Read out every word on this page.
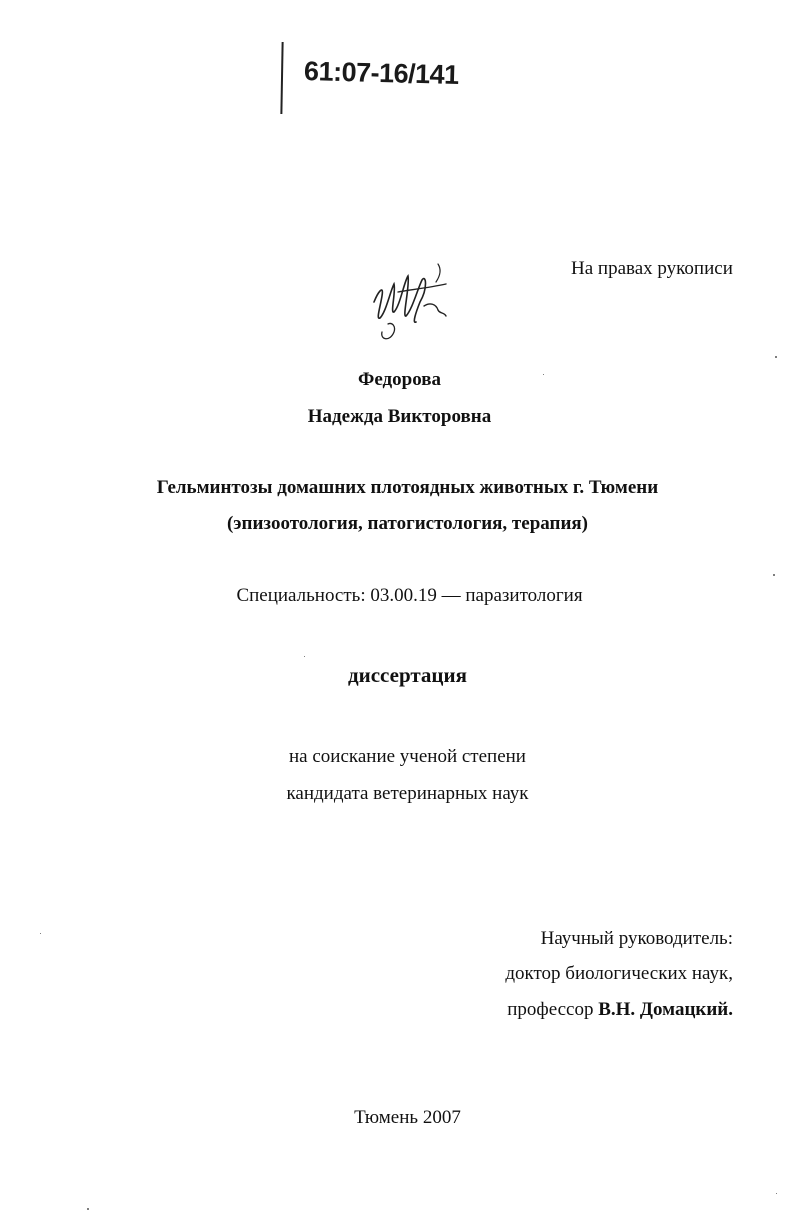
61:07-16/141
На правах рукописи
Федорова
Надежда Викторовна
Гельминтозы домашних плотоядных животных г. Тюмени
(эпизоотология, патогистология, терапия)
Специальность: 03.00.19 — паразитология
диссертация
на соискание ученой степени
кандидата ветеринарных наук
Научный руководитель:
доктор биологических наук,
профессор В.Н. Домацкий.
Тюмень 2007
